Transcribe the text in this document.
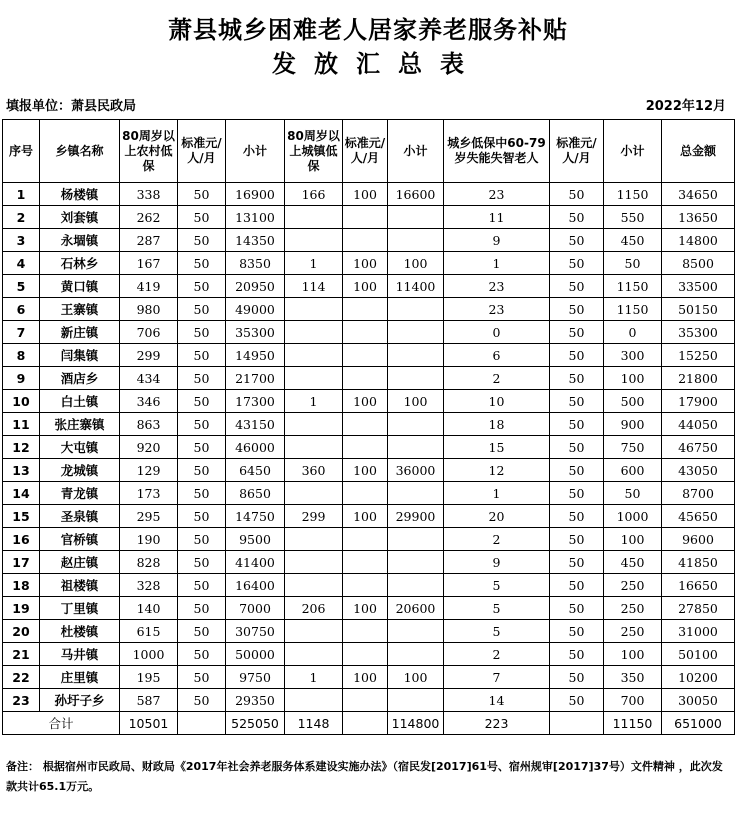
萧县城乡困难老人居家养老服务补贴
发放汇总表
填报单位：萧县民政局	2022年12月
序号	乡镇名称	80周岁以上农村低保	标准元/人/月	小计	80周岁以上城镇低保	标准元/人/月	小计	城乡低保中60-79岁失能失智老人	标准元/人/月	小计	总金额
1	杨楼镇	338	50	16900	166	100	16600	23	50	1150	34650
2	刘套镇	262	50	13100				11	50	550	13650
3	永堌镇	287	50	14350				9	50	450	14800
4	石林乡	167	50	8350	1	100	100	1	50	50	8500
5	黄口镇	419	50	20950	114	100	11400	23	50	1150	33500
6	王寨镇	980	50	49000				23	50	1150	50150
7	新庄镇	706	50	35300				0	50	0	35300
8	闫集镇	299	50	14950				6	50	300	15250
9	酒店乡	434	50	21700				2	50	100	21800
10	白土镇	346	50	17300	1	100	100	10	50	500	17900
11	张庄寨镇	863	50	43150				18	50	900	44050
12	大屯镇	920	50	46000				15	50	750	46750
13	龙城镇	129	50	6450	360	100	36000	12	50	600	43050
14	青龙镇	173	50	8650				1	50	50	8700
15	圣泉镇	295	50	14750	299	100	29900	20	50	1000	45650
16	官桥镇	190	50	9500				2	50	100	9600
17	赵庄镇	828	50	41400				9	50	450	41850
18	祖楼镇	328	50	16400				5	50	250	16650
19	丁里镇	140	50	7000	206	100	20600	5	50	250	27850
20	杜楼镇	615	50	30750				5	50	250	31000
21	马井镇	1000	50	50000				2	50	100	50100
22	庄里镇	195	50	9750	1	100	100	7	50	350	10200
23	孙圩子乡	587	50	29350				14	50	700	30050
合计		10501		525050	1148		114800	223		11150	651000
备注： 根据宿州市民政局、财政局《2017年社会养老服务体系建设实施办法》（宿民发[2017]61号、宿州规审[2017]37号）文件精神 ，此次发款共计65.1万元。
